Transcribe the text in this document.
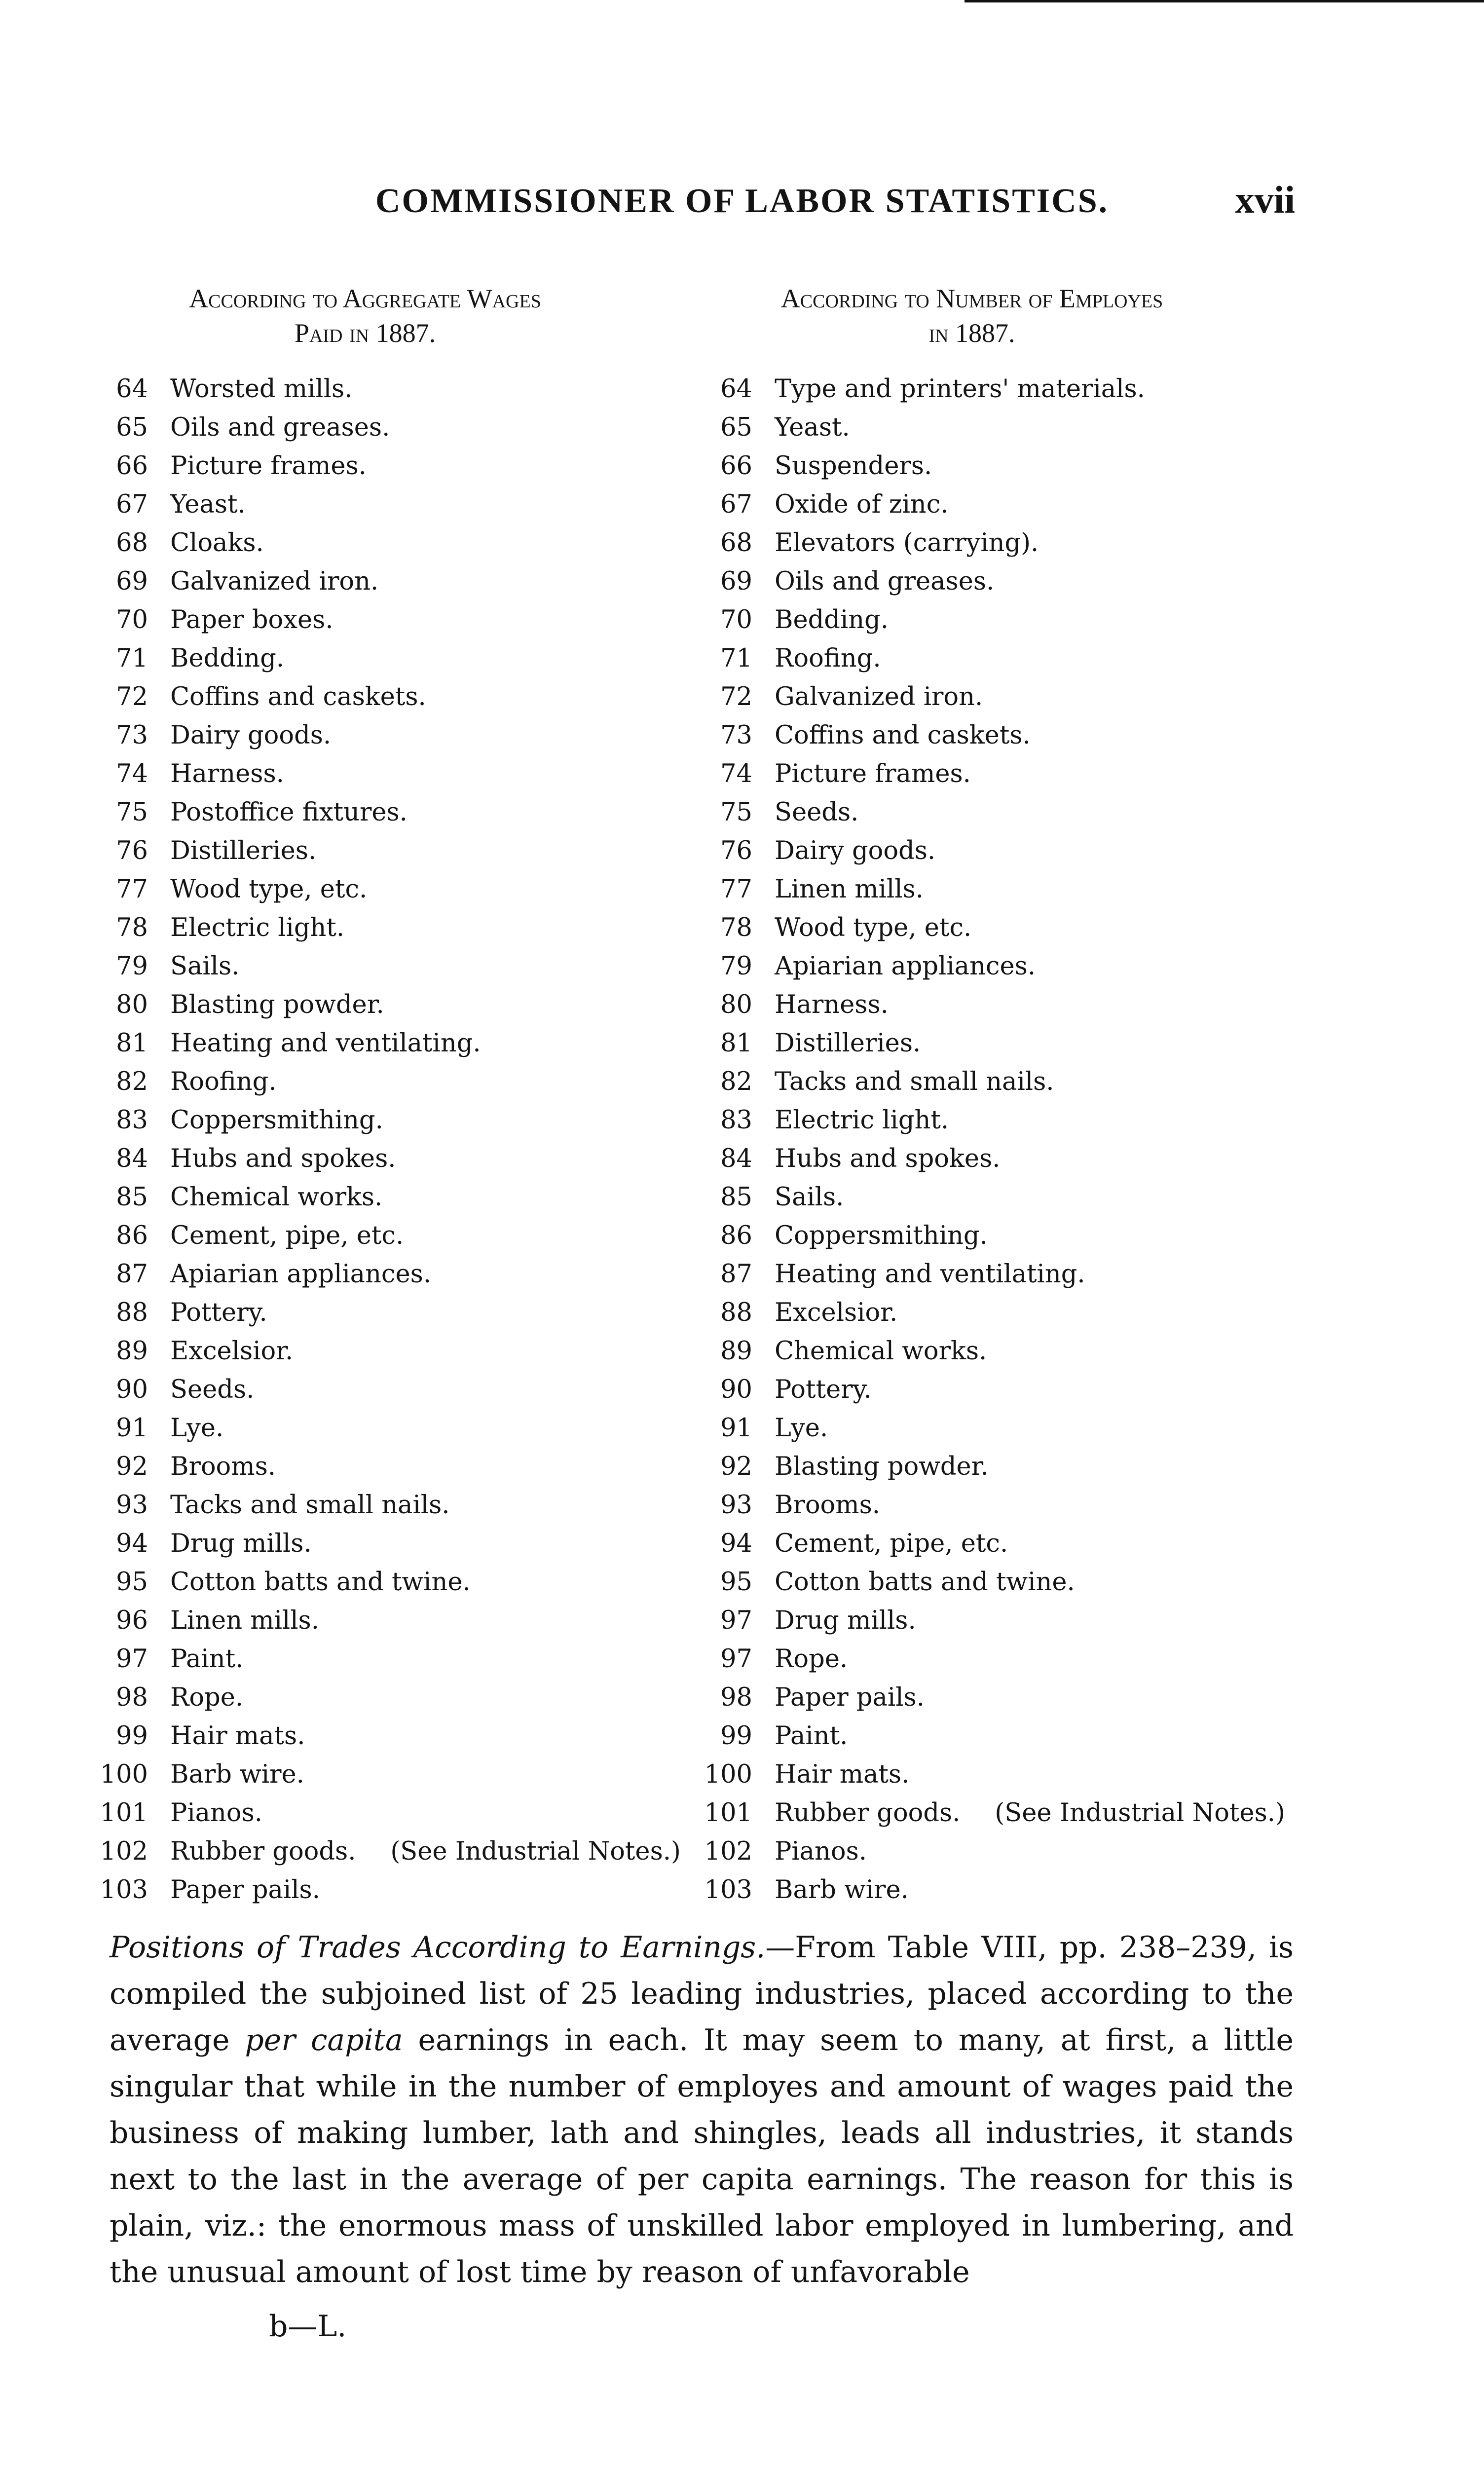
COMMISSIONER OF LABOR STATISTICS.	xvii
According to Aggregate Wages
Paid in 1887.
According to Number of Employes
in 1887.
64 Worsted mills.
65 Oils and greases.
66 Picture frames.
67 Yeast.
68 Cloaks.
69 Galvanized iron.
70 Paper boxes.
71 Bedding.
72 Coffins and caskets.
73 Dairy goods.
74 Harness.
75 Postoffice fixtures.
76 Distilleries.
77 Wood type, etc.
78 Electric light.
79 Sails.
80 Blasting powder.
81 Heating and ventilating.
82 Roofing.
83 Coppersmithing.
84 Hubs and spokes.
85 Chemical works.
86 Cement, pipe, etc.
87 Apiarian appliances.
88 Pottery.
89 Excelsior.
90 Seeds.
91 Lye.
92 Brooms.
93 Tacks and small nails.
94 Drug mills.
95 Cotton batts and twine.
96 Linen mills.
97 Paint.
98 Rope.
99 Hair mats.
100 Barb wire.
101 Pianos.
102 Rubber goods. (See Industrial Notes.)
103 Paper pails.
64 Type and printers' materials.
65 Yeast.
66 Suspenders.
67 Oxide of zinc.
68 Elevators (carrying).
69 Oils and greases.
70 Bedding.
71 Roofing.
72 Galvanized iron.
73 Coffins and caskets.
74 Picture frames.
75 Seeds.
76 Dairy goods.
77 Linen mills.
78 Wood type, etc.
79 Apiarian appliances.
80 Harness.
81 Distilleries.
82 Tacks and small nails.
83 Electric light.
84 Hubs and spokes.
85 Sails.
86 Coppersmithing.
87 Heating and ventilating.
88 Excelsior.
89 Chemical works.
90 Pottery.
91 Lye.
92 Blasting powder.
93 Brooms.
94 Cement, pipe, etc.
95 Cotton batts and twine.
97 Drug mills.
97 Rope.
98 Paper pails.
99 Paint.
100 Hair mats.
101 Rubber goods. (See Industrial Notes.)
102 Pianos.
103 Barb wire.
Positions of Trades According to Earnings.—From Table VIII, pp. 238–239, is compiled the subjoined list of 25 leading industries, placed according to the average per capita earnings in each. It may seem to many, at first, a little singular that while in the number of employes and amount of wages paid the business of making lumber, lath and shingles, leads all industries, it stands next to the last in the average of per capita earnings. The reason for this is plain, viz.: the enormous mass of unskilled labor employed in lumbering, and the unusual amount of lost time by reason of unfavorable
b—L.
